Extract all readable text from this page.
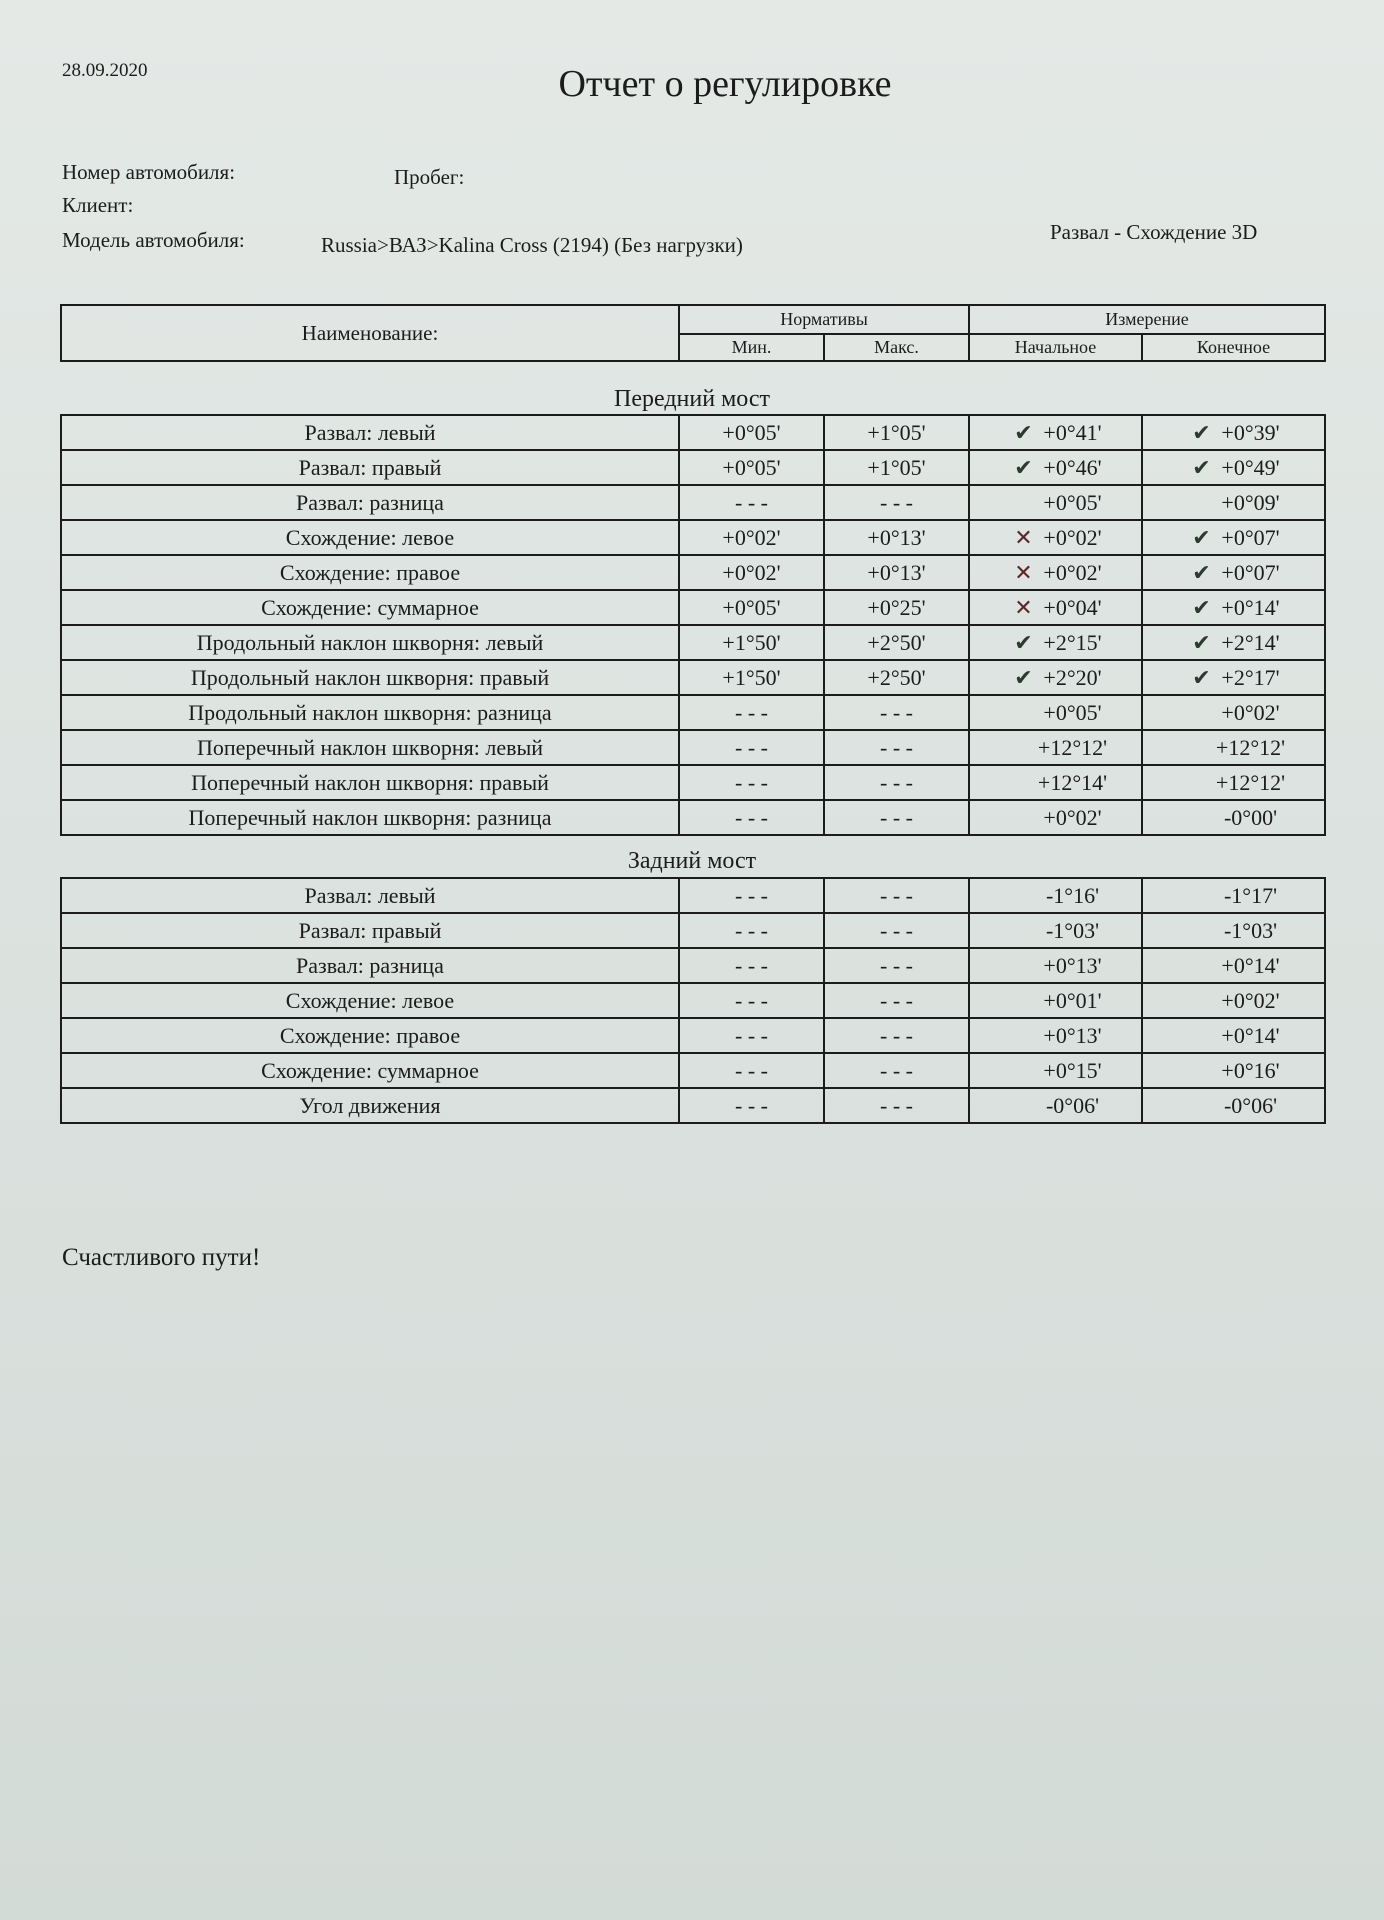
28.09.2020	Отчет о регулировке
Номер автомобиля:	Пробег:
Клиент:
Модель автомобиля:	Russia>ВАЗ>Kalina Cross (2194) (Без нагрузки)
Развал - Схождение 3D
Наименование:	Нормативы		Измерение	
	Мин.	Макс.	Начальное	Конечное
Передний мост
Развал: левый	+0°05'	+1°05'	✔ +0°41'	✔ +0°39'

Развал: правый	+0°05'	+1°05'	✔ +0°46'	✔ +0°49'

Развал: разница	- - -	- - -	+0°05'	+0°09'

Схождение: левое	+0°02'	+0°13'	✕ +0°02'	✔ +0°07'

Схождение: правое	+0°02'	+0°13'	✕ +0°02'	✔ +0°07'

Схождение: суммарное	+0°05'	+0°25'	✕ +0°04'	✔ +0°14'

Продольный наклон шкворня: левый	+1°50'	+2°50'	✔ +2°15'	✔ +2°14'

Продольный наклон шкворня: правый	+1°50'	+2°50'	✔ +2°20'	✔ +2°17'

Продольный наклон шкворня: разница	- - -	- - -	+0°05'	+0°02'

Поперечный наклон шкворня: левый	- - -	- - -	+12°12'	+12°12'

Поперечный наклон шкворня: правый	- - -	- - -	+12°14'	+12°12'

Поперечный наклон шкворня: разница	- - -	- - -	+0°02'	-0°00'
Задний мост
Развал: левый	- - -	- - -	-1°16'	-1°17'

Развал: правый	- - -	- - -	-1°03'	-1°03'

Развал: разница	- - -	- - -	+0°13'	+0°14'

Схождение: левое	- - -	- - -	+0°01'	+0°02'

Схождение: правое	- - -	- - -	+0°13'	+0°14'

Схождение: суммарное	- - -	- - -	+0°15'	+0°16'

Угол движения	- - -	- - -	-0°06'	-0°06'
Счастливого пути!
